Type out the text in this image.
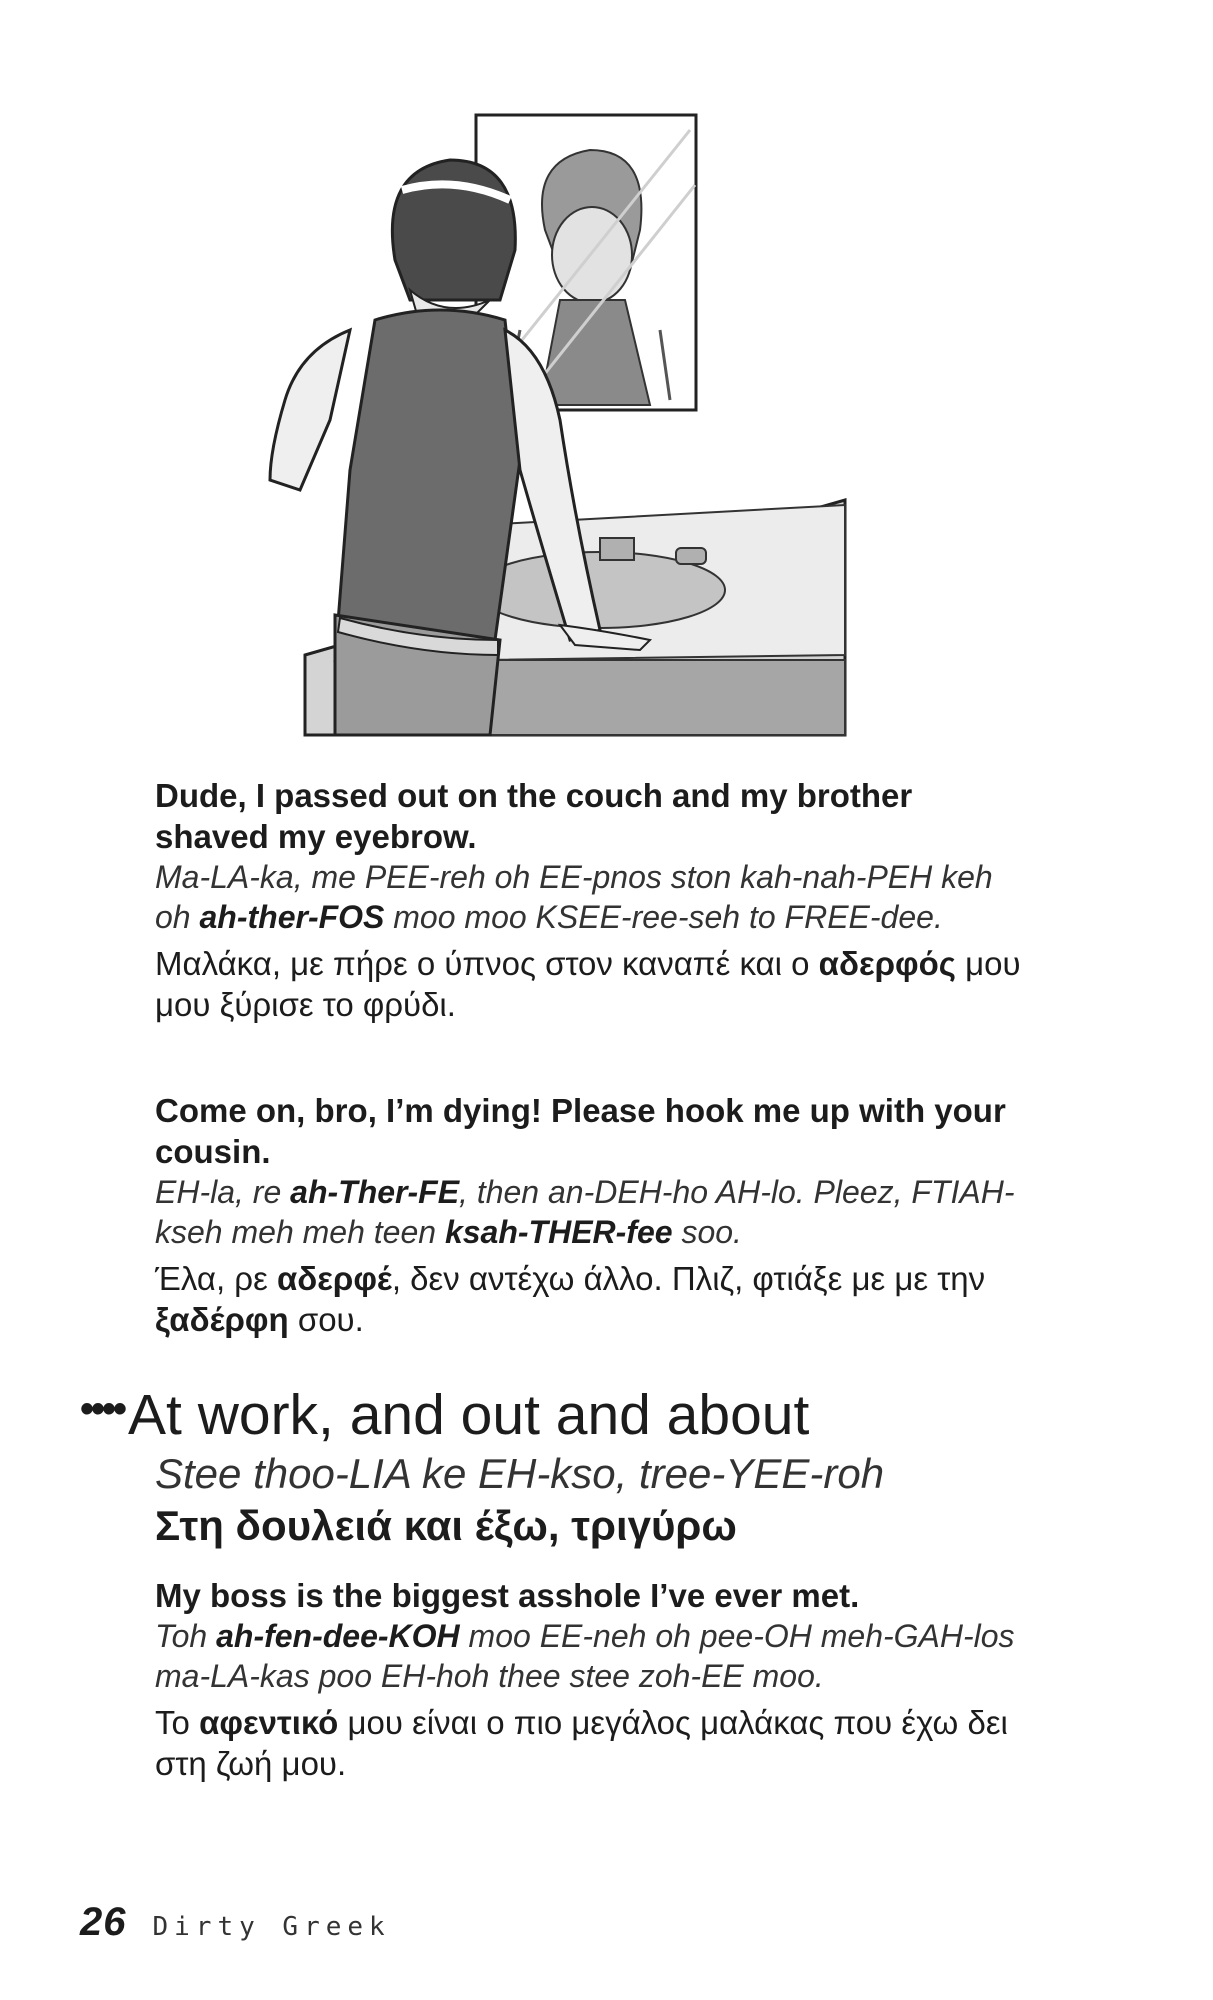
Dude, I passed out on the couch and my brother shaved my eyebrow.

Ma-LA-ka, me PEE-reh oh EE-pnos ston kah-nah-PEH keh oh ah-ther-FOS moo moo KSEE-ree-seh to FREE-dee.

Μαλάκα, με πήρε ο ύπνος στον καναπέ και ο αδερφός μου μου ξύρισε το φρύδι.

Come on, bro, I’m dying! Please hook me up with your cousin.

EH-la, re ah-Ther-FE, then an-DEH-ho AH-lo. Pleez, FTIAH-kseh meh meh teen ksah-THER-fee soo.

Έλα, ρε αδερφέ, δεν αντέχω άλλο. Πλιζ, φτιάξε με με την ξαδέρφη σου.

••••At work, and out and about
Stee thoo-LIA ke EH-kso, tree-YEE-roh
Στη δουλειά και έξω, τριγύρω

My boss is the biggest asshole I’ve ever met.

Toh ah-fen-dee-KOH moo EE-neh oh pee-OH meh-GAH-los ma-LA-kas poo EH-hoh thee stee zoh-EE moo.

Το αφεντικό μου είναι ο πιο μεγάλος μαλάκας που έχω δει στη ζωή μου.

26 Dirty Greek
